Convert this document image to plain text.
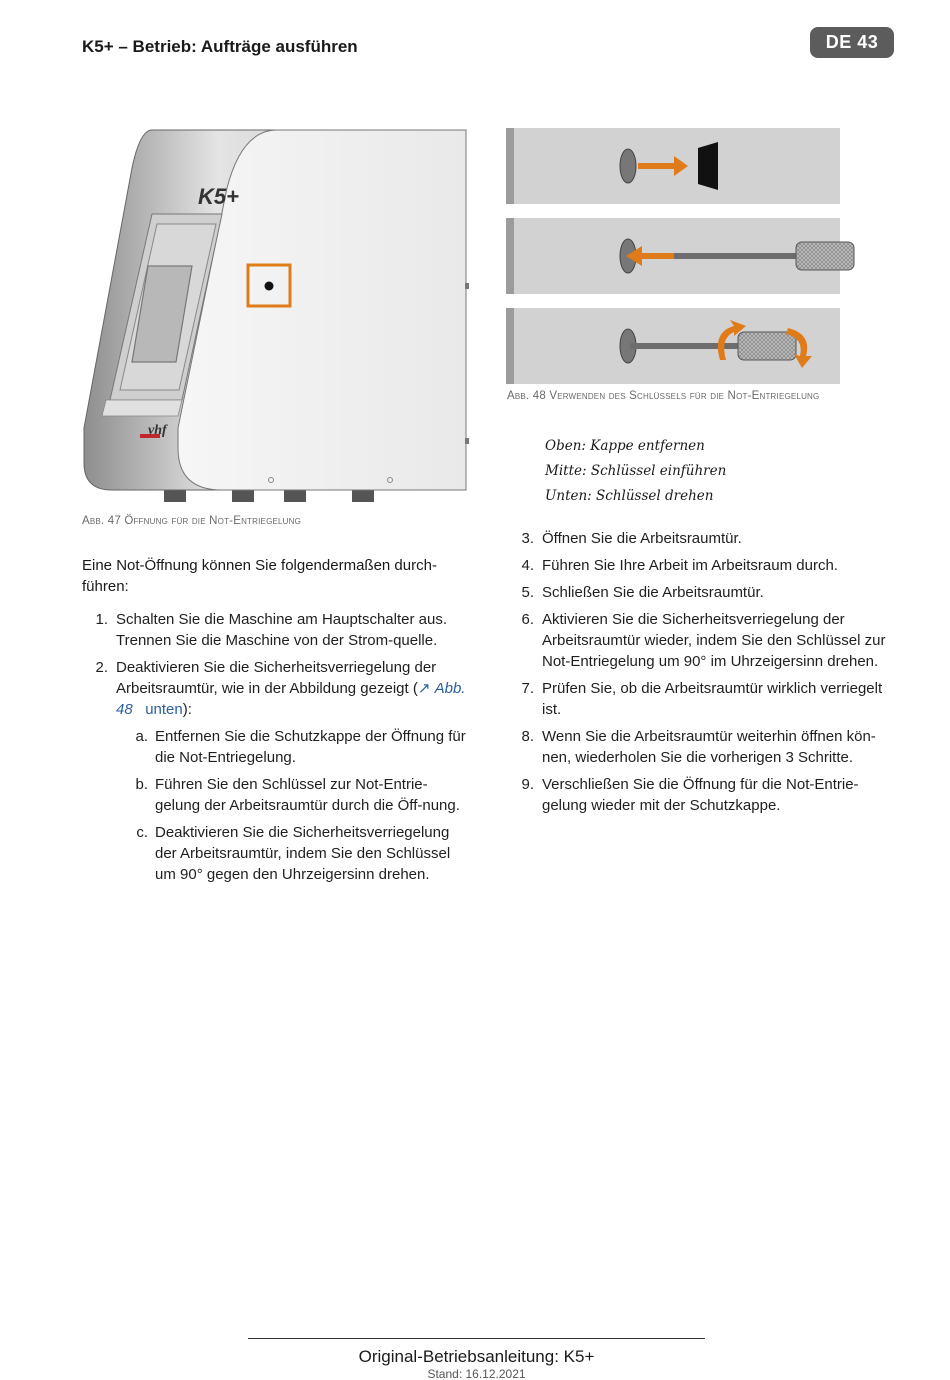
K5+ – Betrieb: Aufträge ausführen	DE 43
K5+
vhf
Abb. 47 Öffnung für die Not-Entriegelung
Abb. 48 Verwenden des Schlüssels für die Not-Entriegelung
Oben: Kappe entfernen
Mitte: Schlüssel einführen
Unten: Schlüssel drehen
Eine Not-Öffnung können Sie folgendermaßen durch-führen:
1. Schalten Sie die Maschine am Hauptschalter aus. Trennen Sie die Maschine von der Strom-quelle.
2. Deaktivieren Sie die Sicherheitsverriegelung der Arbeitsraumtür, wie in der Abbildung gezeigt (↗ Abb. 48 unten):
a. Entfernen Sie die Schutzkappe der Öffnung für die Not-Entriegelung.
b. Führen Sie den Schlüssel zur Not-Entrie-gelung der Arbeitsraumtür durch die Öff-nung.
c. Deaktivieren Sie die Sicherheitsverriegelung der Arbeitsraumtür, indem Sie den Schlüssel um 90° gegen den Uhrzeigersinn drehen.
3. Öffnen Sie die Arbeitsraumtür.
4. Führen Sie Ihre Arbeit im Arbeitsraum durch.
5. Schließen Sie die Arbeitsraumtür.
6. Aktivieren Sie die Sicherheitsverriegelung der Arbeitsraumtür wieder, indem Sie den Schlüssel zur Not-Entriegelung um 90° im Uhrzeigersinn drehen.
7. Prüfen Sie, ob die Arbeitsraumtür wirklich verriegelt ist.
8. Wenn Sie die Arbeitsraumtür weiterhin öffnen kön-nen, wiederholen Sie die vorherigen 3 Schritte.
9. Verschließen Sie die Öffnung für die Not-Entrie-gelung wieder mit der Schutzkappe.
Original-Betriebsanleitung: K5+
Stand: 16.12.2021
